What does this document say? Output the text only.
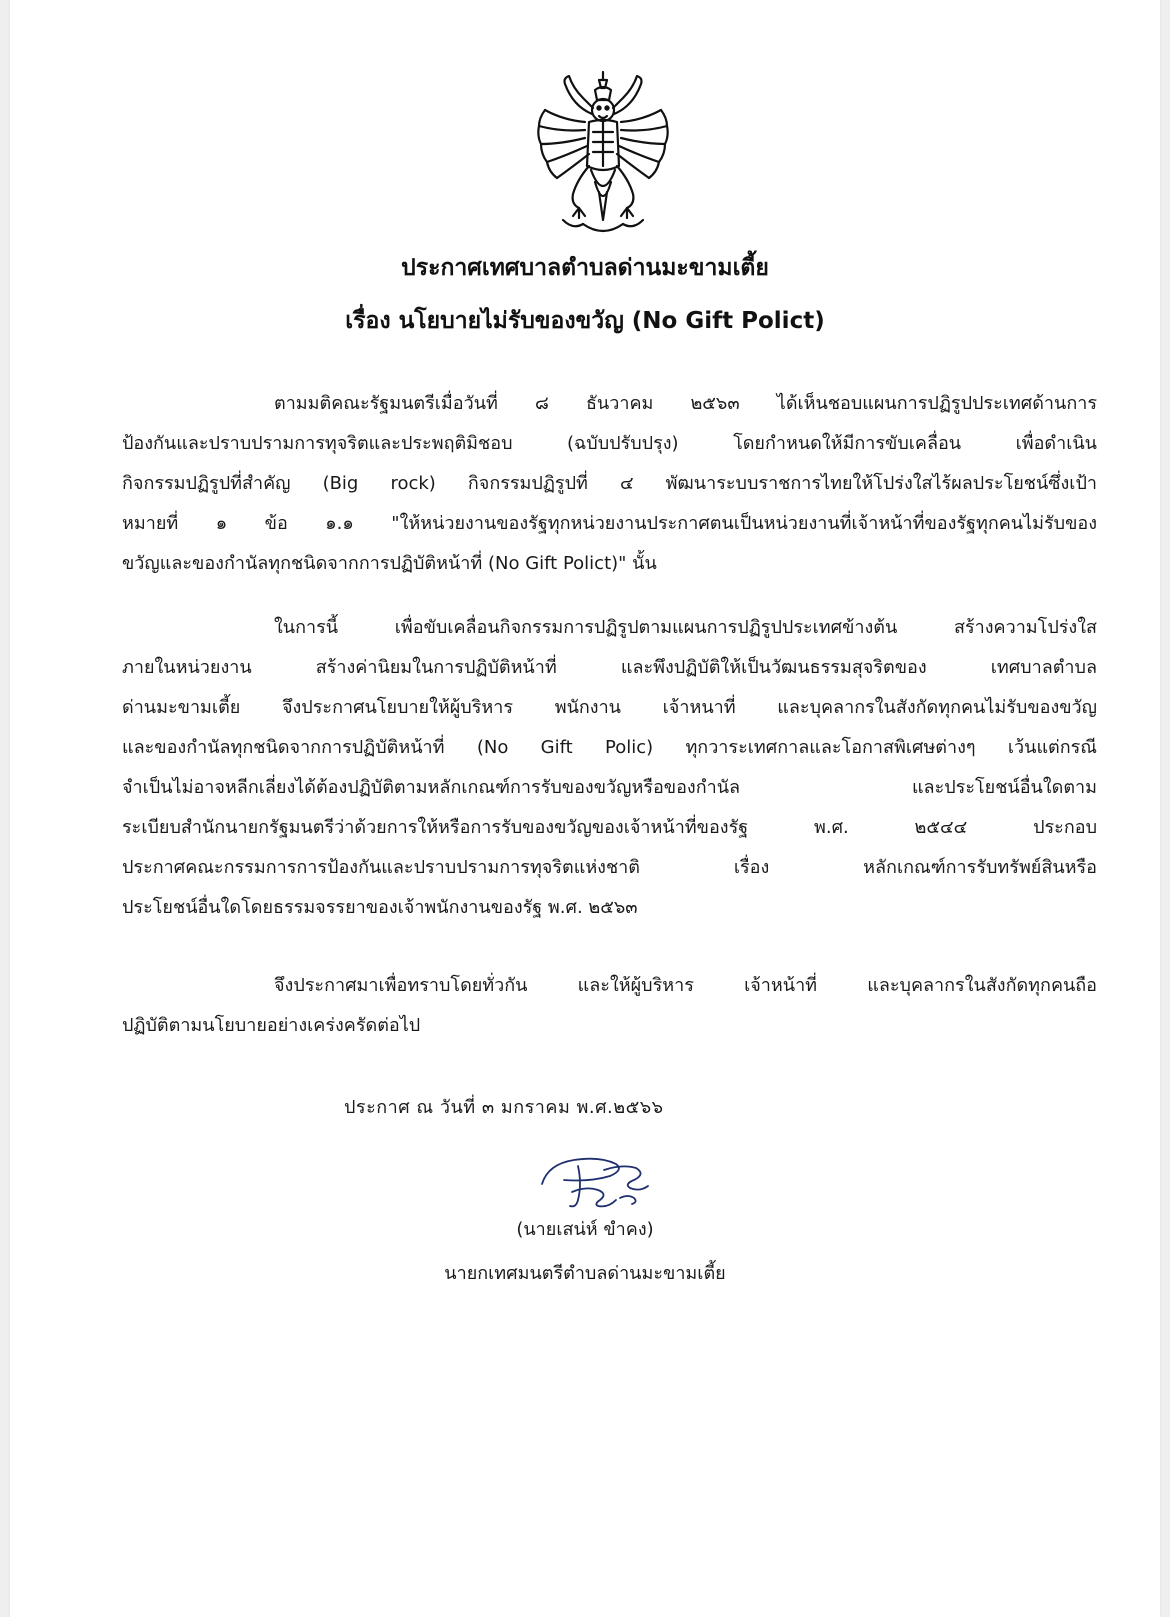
ประกาศเทศบาลตำบลด่านมะขามเตี้ย
เรื่อง นโยบายไม่รับของขวัญ (No Gift Polict)
ตามมติคณะรัฐมนตรีเมื่อวันที่ ๘ ธันวาคม ๒๕๖๓ ได้เห็นชอบแผนการปฏิรูปประเทศด้านการ
ป้องกันและปราบปรามการทุจริตและประพฤติมิชอบ (ฉบับปรับปรุง) โดยกำหนดให้มีการขับเคลื่อน เพื่อดำเนิน
กิจกรรมปฏิรูปที่สำคัญ (Big rock) กิจกรรมปฏิรูปที่ ๔ พัฒนาระบบราชการไทยให้โปร่งใสไร้ผลประโยชน์ซึ่งเป้า
หมายที่ ๑ ข้อ ๑.๑ "ให้หน่วยงานของรัฐทุกหน่วยงานประกาศตนเป็นหน่วยงานที่เจ้าหน้าที่ของรัฐทุกคนไม่รับของ
ขวัญและของกำนัลทุกชนิดจากการปฏิบัติหน้าที่ (No Gift Polict)" นั้น
ในการนี้ เพื่อขับเคลื่อนกิจกรรมการปฏิรูปตามแผนการปฏิรูปประเทศข้างต้น สร้างความโปร่งใส
ภายในหน่วยงาน สร้างค่านิยมในการปฏิบัติหน้าที่ และพึงปฏิบัติให้เป็นวัฒนธรรมสุจริตของ เทศบาลตำบล
ด่านมะขามเตี้ย จึงประกาศนโยบายให้ผู้บริหาร พนักงาน เจ้าหนาที่ และบุคลากรในสังกัดทุกคนไม่รับของขวัญ
และของกำนัลทุกชนิดจากการปฏิบัติหน้าที่ (No Gift Polic) ทุกวาระเทศกาลและโอกาสพิเศษต่างๆ เว้นแต่กรณี
จำเป็นไม่อาจหลีกเลี่ยงได้ต้องปฏิบัติตามหลักเกณฑ์การรับของขวัญหรือของกำนัล และประโยชน์อื่นใดตาม
ระเบียบสำนักนายกรัฐมนตรีว่าด้วยการให้หรือการรับของขวัญของเจ้าหน้าที่ของรัฐ พ.ศ. ๒๕๔๔ ประกอบ
ประกาศคณะกรรมการการป้องกันและปราบปรามการทุจริตแห่งชาติ เรื่อง หลักเกณฑ์การรับทรัพย์สินหรือ
ประโยชน์อื่นใดโดยธรรมจรรยาของเจ้าพนักงานของรัฐ พ.ศ. ๒๕๖๓
จึงประกาศมาเพื่อทราบโดยทั่วกัน และให้ผู้บริหาร เจ้าหน้าที่ และบุคลากรในสังกัดทุกคนถือ
ปฏิบัติตามนโยบายอย่างเคร่งครัดต่อไป
ประกาศ ณ วันที่ ๓ มกราคม พ.ศ.๒๕๖๖
(นายเสน่ห์ ขำคง)
นายกเทศมนตรีตำบลด่านมะขามเตี้ย
